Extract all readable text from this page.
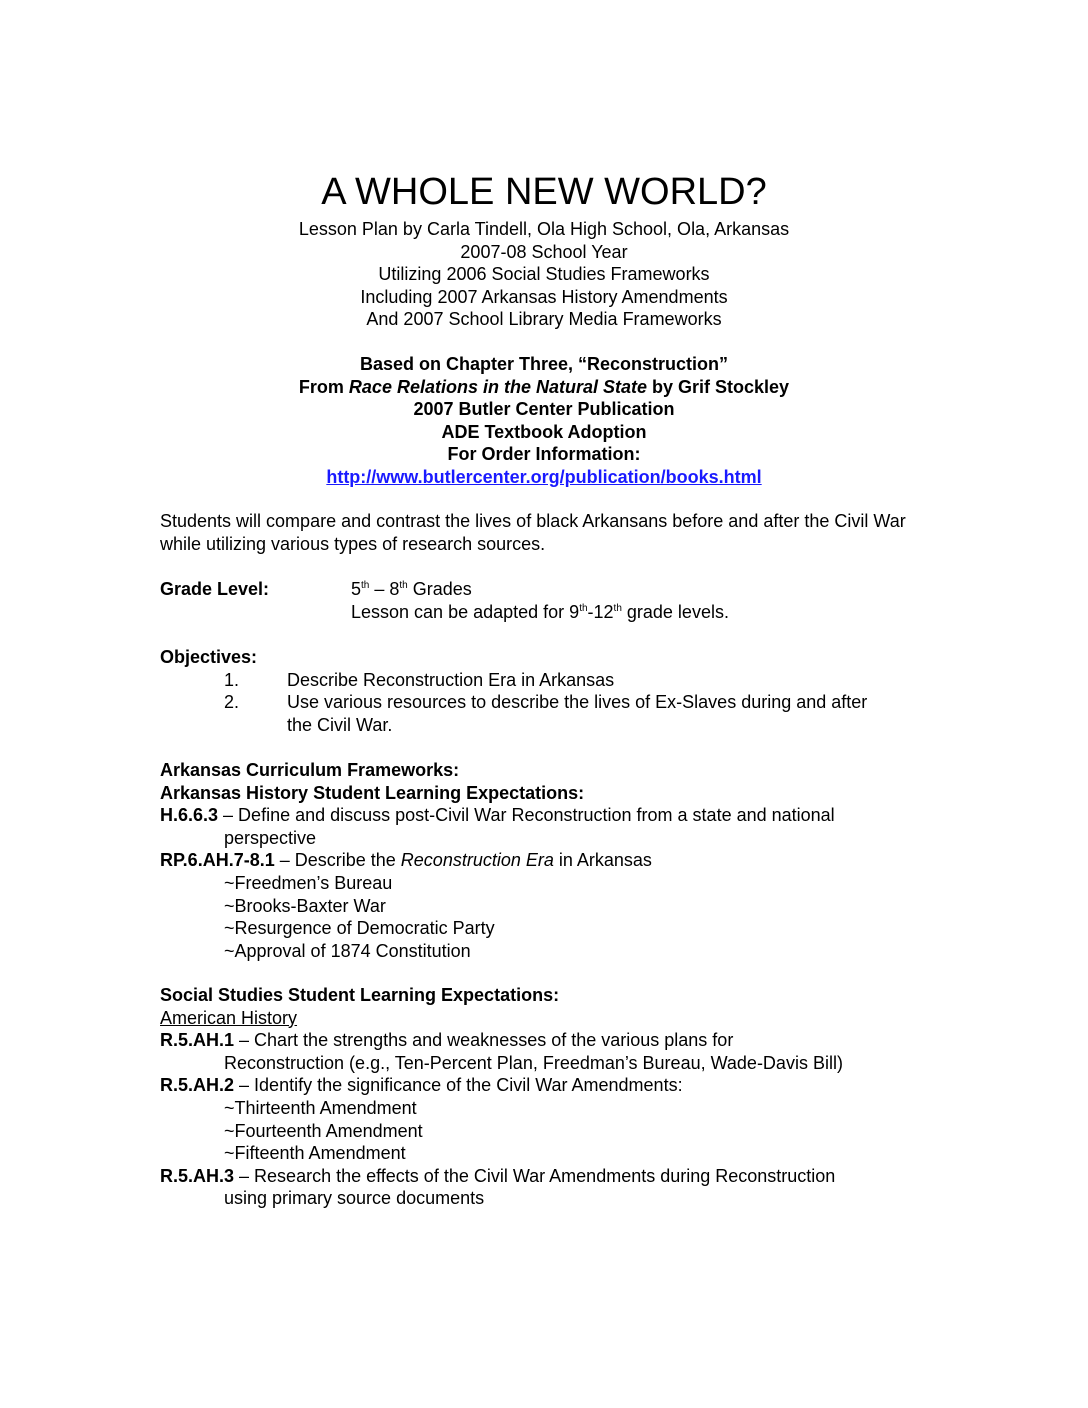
A WHOLE NEW WORLD?
Lesson Plan by Carla Tindell, Ola High School, Ola, Arkansas
2007-08 School Year
Utilizing 2006 Social Studies Frameworks
Including 2007 Arkansas History Amendments
And 2007 School Library Media Frameworks
Based on Chapter Three, “Reconstruction”
From Race Relations in the Natural State by Grif Stockley
2007 Butler Center Publication
ADE Textbook Adoption
For Order Information:
http://www.butlercenter.org/publication/books.html
Students will compare and contrast the lives of black Arkansans before and after the Civil War while utilizing various types of research sources.
Grade Level:	5th – 8th Grades
Lesson can be adapted for 9th-12th grade levels.
Objectives:
1.	Describe Reconstruction Era in Arkansas
2.	Use various resources to describe the lives of Ex-Slaves during and after
the Civil War.
Arkansas Curriculum Frameworks:
Arkansas History Student Learning Expectations:
H.6.6.3 – Define and discuss post-Civil War Reconstruction from a state and national
perspective
RP.6.AH.7-8.1 – Describe the Reconstruction Era in Arkansas
~Freedmen’s Bureau
~Brooks-Baxter War
~Resurgence of Democratic Party
~Approval of 1874 Constitution
Social Studies Student Learning Expectations:
American History
R.5.AH.1 – Chart the strengths and weaknesses of the various plans for
Reconstruction (e.g., Ten-Percent Plan, Freedman’s Bureau, Wade-Davis Bill)
R.5.AH.2 – Identify the significance of the Civil War Amendments:
~Thirteenth Amendment
~Fourteenth Amendment
~Fifteenth Amendment
R.5.AH.3 – Research the effects of the Civil War Amendments during Reconstruction
using primary source documents
